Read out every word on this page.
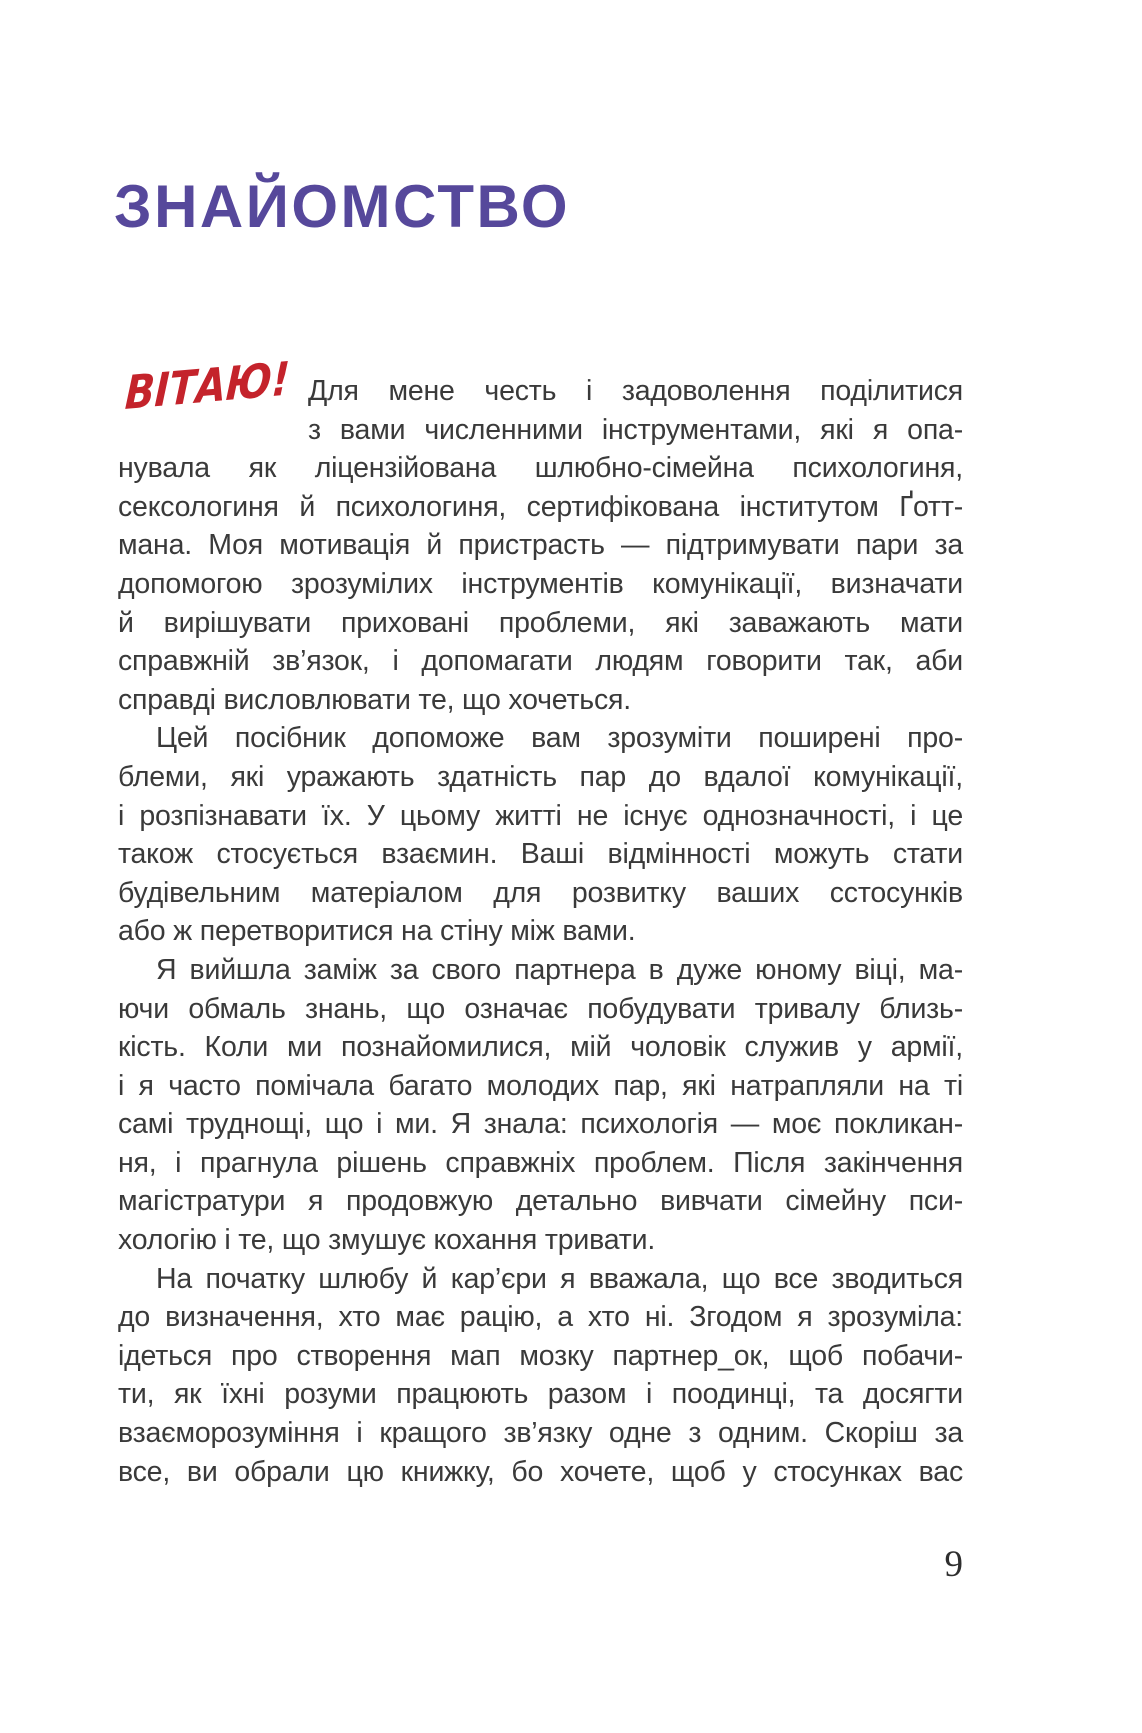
ЗНАЙОМСТВО
ВІТАЮ! Для мене честь і задоволення поділитися
з вами численними інструментами, які я опа-
нувала як ліцензійована шлюбно-сімейна психологиня,
сексологиня й психологиня, сертифікована інститутом Ґотт-
мана. Моя мотивація й пристрасть — підтримувати пари за
допомогою зрозумілих інструментів комунікації, визначати
й вирішувати приховані проблеми, які заважають мати
справжній зв’язок, і допомагати людям говорити так, аби
справді висловлювати те, що хочеться.
Цей посібник допоможе вам зрозуміти поширені про-
блеми, які уражають здатність пар до вдалої комунікації,
і розпізнавати їх. У цьому житті не існує однозначності, і це
також стосується взаємин. Ваші відмінності можуть стати
будівельним матеріалом для розвитку ваших сстосунків
або ж перетворитися на стіну між вами.
Я вийшла заміж за свого партнера в дуже юному віці, ма-
ючи обмаль знань, що означає побудувати тривалу близь-
кість. Коли ми познайомилися, мій чоловік служив у армії,
і я часто помічала багато молодих пар, які натрапляли на ті
самі труднощі, що і ми. Я знала: психологія — моє покликан-
ня, і прагнула рішень справжніх проблем. Після закінчення
магістратури я продовжую детально вивчати сімейну пси-
хологію і те, що змушує кохання тривати.
На початку шлюбу й кар’єри я вважала, що все зводиться
до визначення, хто має рацію, а хто ні. Згодом я зрозуміла:
ідеться про створення мап мозку партнер_ок, щоб побачи-
ти, як їхні розуми працюють разом і поодинці, та досягти
взаєморозуміння і кращого зв’язку одне з одним. Скоріш за
все, ви обрали цю книжку, бо хочете, щоб у стосунках вас
9
